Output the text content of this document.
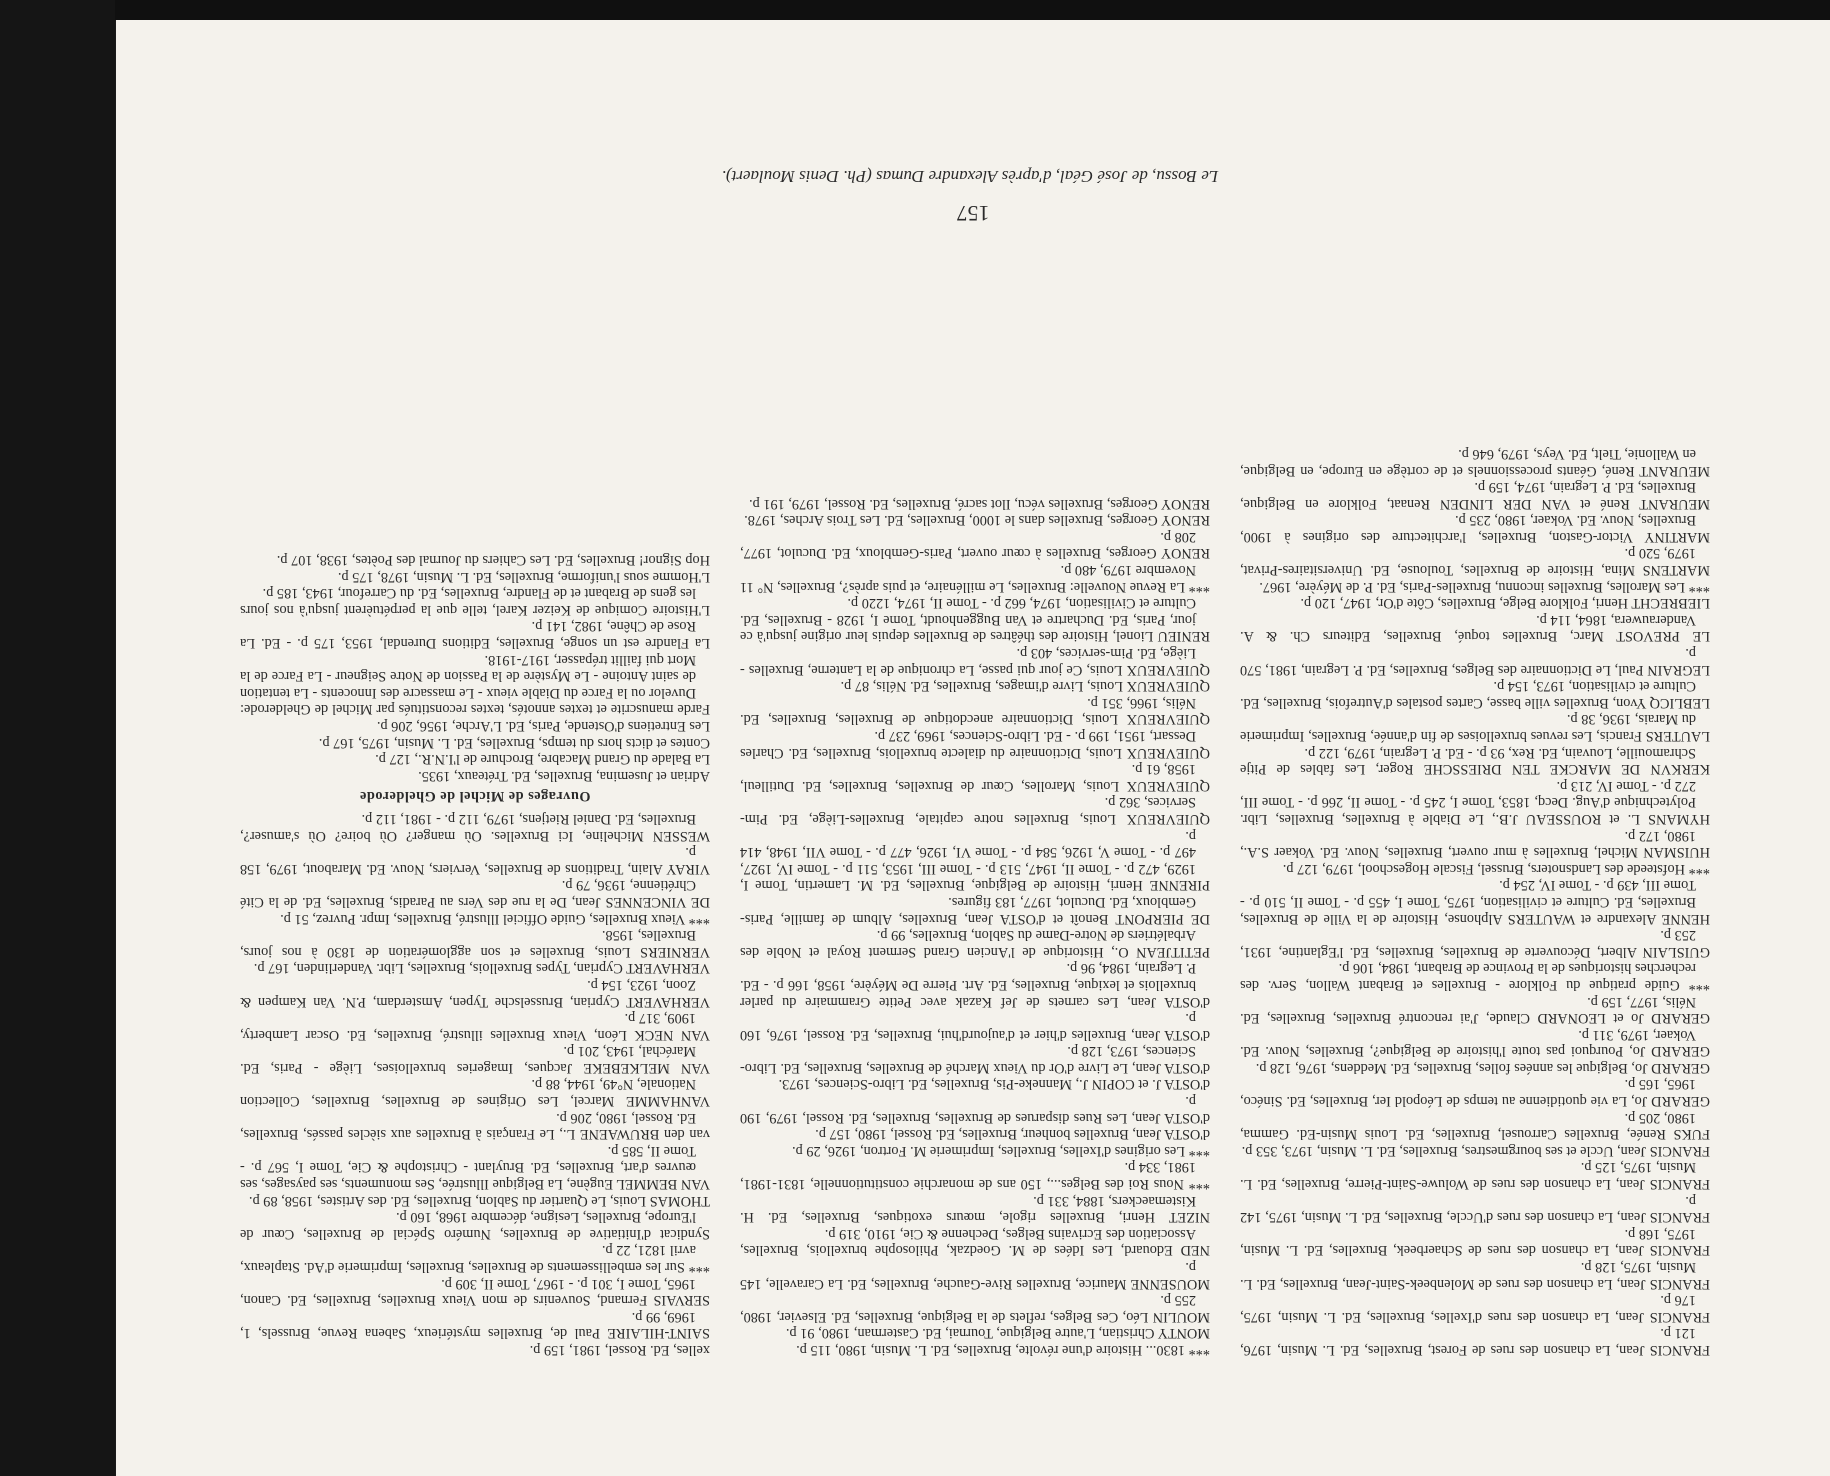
FRANCIS Jean, La chanson des rues de Forest, Bruxelles, Ed. L. Musin, 1976, 121 p.

FRANCIS Jean, La chanson des rues d'Ixelles, Bruxelles, Ed. L. Musin, 1975, 176 p.

FRANCIS Jean, La chanson des rues de Molenbeek-Saint-Jean, Bruxelles, Ed. L. Musin, 1975, 128 p.

FRANCIS Jean, La chanson des rues de Schaerbeek, Bruxelles, Ed. L. Musin, 1975, 168 p.

FRANCIS Jean, La chanson des rues d'Uccle, Bruxelles, Ed. L. Musin, 1975, 142 p.

FRANCIS Jean, La chanson des rues de Woluwe-Saint-Pierre, Bruxelles, Ed. L. Musin, 1975, 125 p.

FRANCIS Jean, Uccle et ses bourgmestres, Bruxelles, Ed. L. Musin, 1973, 353 p.

FUKS Renée, Bruxelles Carrousel, Bruxelles, Ed. Louis Musin-Ed. Gamma, 1980, 205 p.

GERARD Jo, La vie quotidienne au temps de Léopold Ier, Bruxelles, Ed. Sinéco, 1965, 165 p.

GERARD Jo, Belgique les années folles, Bruxelles, Ed. Meddens, 1976, 128 p.

GERARD Jo, Pourquoi pas toute l'histoire de Belgique?, Bruxelles, Nouv. Ed. Vokaer, 1979, 311 p.

GERARD Jo et LEONARD Claude, J'ai rencontré Bruxelles, Bruxelles, Ed. Nélis, 1977, 159 p.

*** Guide pratique du Folklore - Bruxelles et Brabant Wallon, Serv. des recherches historiques de la Province de Brabant, 1984, 106 p.

GUISLAIN Albert, Découverte de Bruxelles, Bruxelles, Ed. l'Eglantine, 1931, 253 p.

HENNE Alexandre et WAUTERS Alphonse, Histoire de la Ville de Bruxelles, Bruxelles, Ed. Culture et civilisation, 1975, Tome I, 455 p. - Tome II, 510 p. - Tome III, 439 p. - Tome IV, 254 p.

*** Hofsteede des Landsnoters, Brussel, Fiscale Hogeschool, 1979, 127 p.

HUISMAN Michel, Bruxelles à mur ouvert, Bruxelles, Nouv. Ed. Vokaer S.A., 1980, 172 p.

HYMANS L. et ROUSSEAU J.B., Le Diable à Bruxelles, Bruxelles, Libr. Polytechnique d'Aug. Decq, 1853, Tome I, 245 p. - Tome II, 266 p. - Tome III, 272 p. - Tome IV, 213 p.

KERKVN DE MARCKE TEN DRIESSCHE Roger, Les fables de Pitje Schramouille, Louvain, Ed. Rex, 93 p. - Ed. P. Legrain, 1979, 122 p.

LAUTERS Francis, Les revues bruxelloises de fin d'année, Bruxelles, Imprimerie du Marais, 1936, 38 p.

LEBLICQ Yvon, Bruxelles ville basse, Cartes postales d'Autrefois, Bruxelles, Ed. Culture et civilisation, 1973, 154 p.

LEGRAIN Paul, Le Dictionnaire des Belges, Bruxelles, Ed. P. Legrain, 1981, 570 p.

LE PREVOST Marc, Bruxelles toqué, Bruxelles, Editeurs Ch. & A. Vanderauwera, 1864, 114 p.

LIEBRECHT Henri, Folklore Belge, Bruxelles, Côte d'Or, 1947, 120 p.

*** Les Marolles, Bruxelles inconnu, Bruxelles-Paris, Ed. P. de Méyère, 1967.

MARTENS Mina, Histoire de Bruxelles, Toulouse, Ed. Universitaires-Privat, 1979, 520 p.

MARTINY Victor-Gaston, Bruxelles, l'architecture des origines à 1900, Bruxelles, Nouv. Ed. Vokaer, 1980, 235 p.

MEURANT René et VAN DER LINDEN Renaat, Folklore en Belgique, Bruxelles, Ed. P. Legrain, 1974, 159 p.

MEURANT René, Géants processionnels et de cortège en Europe, en Belgique, en Wallonie, Tielt, Ed. Veys, 1979, 646 p.

*** 1830... Histoire d'une révolte, Bruxelles, Ed. L. Musin, 1980, 115 p.

MONTY Christian, L'autre Belgique, Tournai, Ed. Casterman, 1980, 91 p.

MOULIN Léo, Ces Belges, reflets de la Belgique, Bruxelles, Ed. Elsevier, 1980, 255 p.

MOUSENNE Maurice, Bruxelles Rive-Gauche, Bruxelles, Ed. La Caravelle, 145 p.

NED Edouard, Les Idées de M. Goedzak, Philosophe bruxellois, Bruxelles, Association des Ecrivains Belges, Dechenne & Cie, 1910, 319 p.

NIZET Henri, Bruxelles rigole, mœurs exotiques, Bruxelles, Ed. H. Kistemaeckers, 1884, 331 p.

*** Nous Roi des Belges..., 150 ans de monarchie constitutionnelle, 1831-1981, 1981, 334 p.

*** Les origines d'Ixelles, Bruxelles, Imprimerie M. Fortron, 1926, 29 p.

d'OSTA Jean, Bruxelles bonheur, Bruxelles, Ed. Rossel, 1980, 157 p.

d'OSTA Jean, Les Rues disparues de Bruxelles, Bruxelles, Ed. Rossel, 1979, 190 p.

d'OSTA J. et COPIN J., Manneke-Pis, Bruxelles, Ed. Libro-Sciences, 1973.

d'OSTA Jean, Le Livre d'Or du Vieux Marché de Bruxelles, Bruxelles, Ed. Libro-Sciences, 1973, 128 p.

d'OSTA Jean, Bruxelles d'hier et d'aujourd'hui, Bruxelles, Ed. Rossel, 1976, 160 p.

d'OSTA Jean, Les carnets de Jef Kazak avec Petite Grammaire du parler bruxellois et lexique, Bruxelles, Ed. Art. Pierre De Méyère, 1958, 166 p. - Ed. P. Legrain, 1984, 96 p.

PETITJEAN O., Historique de l'Ancien Grand Serment Royal et Noble des Arbalétriers de Notre-Dame du Sablon, Bruxelles, 99 p.

DE PIERPONT Benoît et d'OSTA Jean, Bruxelles, Album de famille, Paris-Gembloux, Ed. Duculot, 1977, 183 figures.

PIRENNE Henri, Histoire de Belgique, Bruxelles, Ed. M. Lamertin, Tome I, 1929, 472 p. - Tome II, 1947, 513 p. - Tome III, 1953, 511 p. - Tome IV, 1927, 497 p. - Tome V, 1926, 584 p. - Tome VI, 1926, 477 p. - Tome VII, 1948, 414 p.

QUIEVREUX Louis, Bruxelles notre capitale, Bruxelles-Liège, Ed. Pim-Services, 362 p.

QUIEVREUX Louis, Marolles, Cœur de Bruxelles, Bruxelles, Ed. Dutilleul, 1958, 61 p.

QUIEVREUX Louis, Dictionnaire du dialecte bruxellois, Bruxelles, Ed. Charles Dessart, 1951, 199 p. - Ed. Libro-Sciences, 1969, 237 p.

QUIEVREUX Louis, Dictionnaire anecdotique de Bruxelles, Bruxelles, Ed. Nélis, 1966, 351 p.

QUIEVREUX Louis, Livre d'images, Bruxelles, Ed. Nélis, 87 p.

QUIEVREUX Louis, Ce jour qui passe, La chronique de la Lanterne, Bruxelles - Liège, Ed. Pim-services, 403 p.

RENIEU Lionel, Histoire des théâtres de Bruxelles depuis leur origine jusqu'à ce jour, Paris, Ed. Duchartre et Van Buggenhoudt, Tome I, 1928 - Bruxelles, Ed. Culture et Civilisation, 1974, 662 p. - Tome II, 1974, 1220 p.

*** La Revue Nouvelle: Bruxelles, Le millénaire, et puis après?, Bruxelles, N° 11 Novembre 1979, 480 p.

RENOY Georges, Bruxelles à cœur ouvert, Paris-Gembloux, Ed. Duculot, 1977, 208 p.

RENOY Georges, Bruxelles dans le 1000, Bruxelles, Ed. Les Trois Arches, 1978.

RENOY Georges, Bruxelles vécu, Ilot sacré, Bruxelles, Ed. Rossel, 1979, 191 p.

xelles, Ed. Rossel, 1981, 159 p.

SAINT-HILAIRE Paul de, Bruxelles mystérieux, Sabena Revue, Brussels, 1, 1969, 99 p.

SERVAIS Fernand, Souvenirs de mon Vieux Bruxelles, Bruxelles, Ed. Canon, 1965, Tome I, 301 p. - 1967, Tome II, 309 p.

*** Sur les embellissements de Bruxelles, Bruxelles, Imprimerie d'Ad. Stapleaux, avril 1821, 22 p.

Syndicat d'Initiative de Bruxelles, Numéro Spécial de Bruxelles, Cœur de l'Europe, Bruxelles, Lesigne, décembre 1968, 160 p.

THOMAS Louis, Le Quartier du Sablon, Bruxelles, Ed. des Artistes, 1958, 89 p.

VAN BEMMEL Eugène, La Belgique Illustrée, Ses monuments, ses paysages, ses œuvres d'art, Bruxelles, Ed. Bruylant - Christophe & Cie, Tome I, 567 p. - Tome II, 585 p.

van den BRUWAENE L., Le Français à Bruxelles aux siècles passés, Bruxelles, Ed. Rossel, 1980, 206 p.

VANHAMME Marcel, Les Origines de Bruxelles, Bruxelles, Collection Nationale, N°49, 1944, 88 p.

VAN MELKEBEKE Jacques, Imageries bruxelloises, Liège - Paris, Ed. Maréchal, 1943, 201 p.

VAN NECK Léon, Vieux Bruxelles illustré, Bruxelles, Ed. Oscar Lamberty, 1909, 317 p.

VERHAVERT Cyprian, Brusselsche Typen, Amsterdam, P.N. Van Kampen & Zoon, 1923, 154 p.

VERHAVERT Cyprian, Types Bruxellois, Bruxelles, Libr. Vanderlinden, 167 p.

VERNIERS Louis, Bruxelles et son agglomération de 1830 à nos jours, Bruxelles, 1958.

*** Vieux Bruxelles, Guide Officiel Illustré, Bruxelles, Impr. Puvrez, 51 p.

DE VINCENNES Jean, De la rue des Vers au Paradis, Bruxelles, Ed. de la Cité Chrétienne, 1936, 79 p.

VIRAY Alain, Traditions de Bruxelles, Verviers, Nouv. Ed. Marabout, 1979, 158 p.

WESSEN Micheline, Ici Bruxelles. Où manger? Où boire? Où s'amuser?, Bruxelles, Ed. Daniel Rietjens, 1979, 112 p. - 1981, 112 p.

Ouvrages de Michel de Ghelderode

Adrian et Jusemina, Bruxelles, Ed. Tréteaux, 1935.

La Balade du Grand Macabre, Brochure de l'I.N.R., 127 p.

Contes et dicts hors du temps, Bruxelles, Ed. L. Musin, 1975, 167 p.

Les Entretiens d'Ostende, Paris, Ed. L'Arche, 1956, 206 p.

Farde manuscrite et textes annotés, textes reconstitués par Michel de Ghelderode: Duvelor ou la Farce du Diable vieux - Le massacre des Innocents - La tentation de saint Antoine - Le Mystère de la Passion de Notre Seigneur - La Farce de la Mort qui faillit trépasser, 1917-1918.

La Flandre est un songe, Bruxelles, Editions Durendal, 1953, 175 p. - Ed. La Rose de Chêne, 1982, 141 p.

L'Histoire Comique de Keizer Karel, telle que la perpétuèrent jusqu'à nos jours les gens de Brabant et de Flandre, Bruxelles, Ed. du Carrefour, 1943, 185 p.

L'Homme sous l'uniforme, Bruxelles, Ed. L. Musin, 1978, 175 p.

Hop Signor! Bruxelles, Ed. Les Cahiers du Journal des Poètes, 1938, 107 p.

157
Le Bossu, de José Géal, d'après Alexandre Dumas (Ph. Denis Moulaert).
